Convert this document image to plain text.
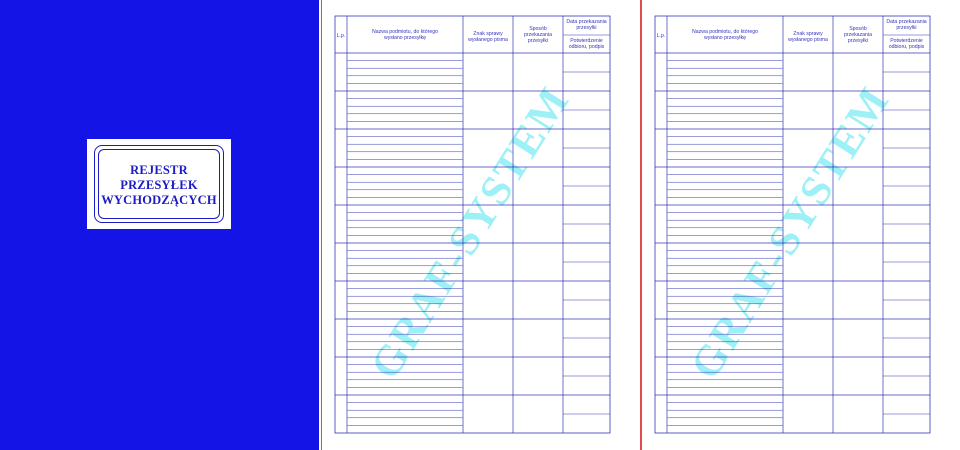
REJESTR
PRZESYŁEK
WYCHODZĄCYCH	GRAF-SYSTEM
L.p.
Nazwa podmiotu, do którego
wysłano przesyłkę
Znak sprawy
wysłanego pisma
Sposób
przekazania
przesyłki
Data przekazania
przesyłki
Potwierdzenie
odbioru, podpis
GRAF-SYSTEM
L.p.
Nazwa podmiotu, do którego
wysłano przesyłkę
Znak sprawy
wysłanego pisma
Sposób
przekazania
przesyłki
Data przekazania
przesyłki
Potwierdzenie
odbioru, podpis
